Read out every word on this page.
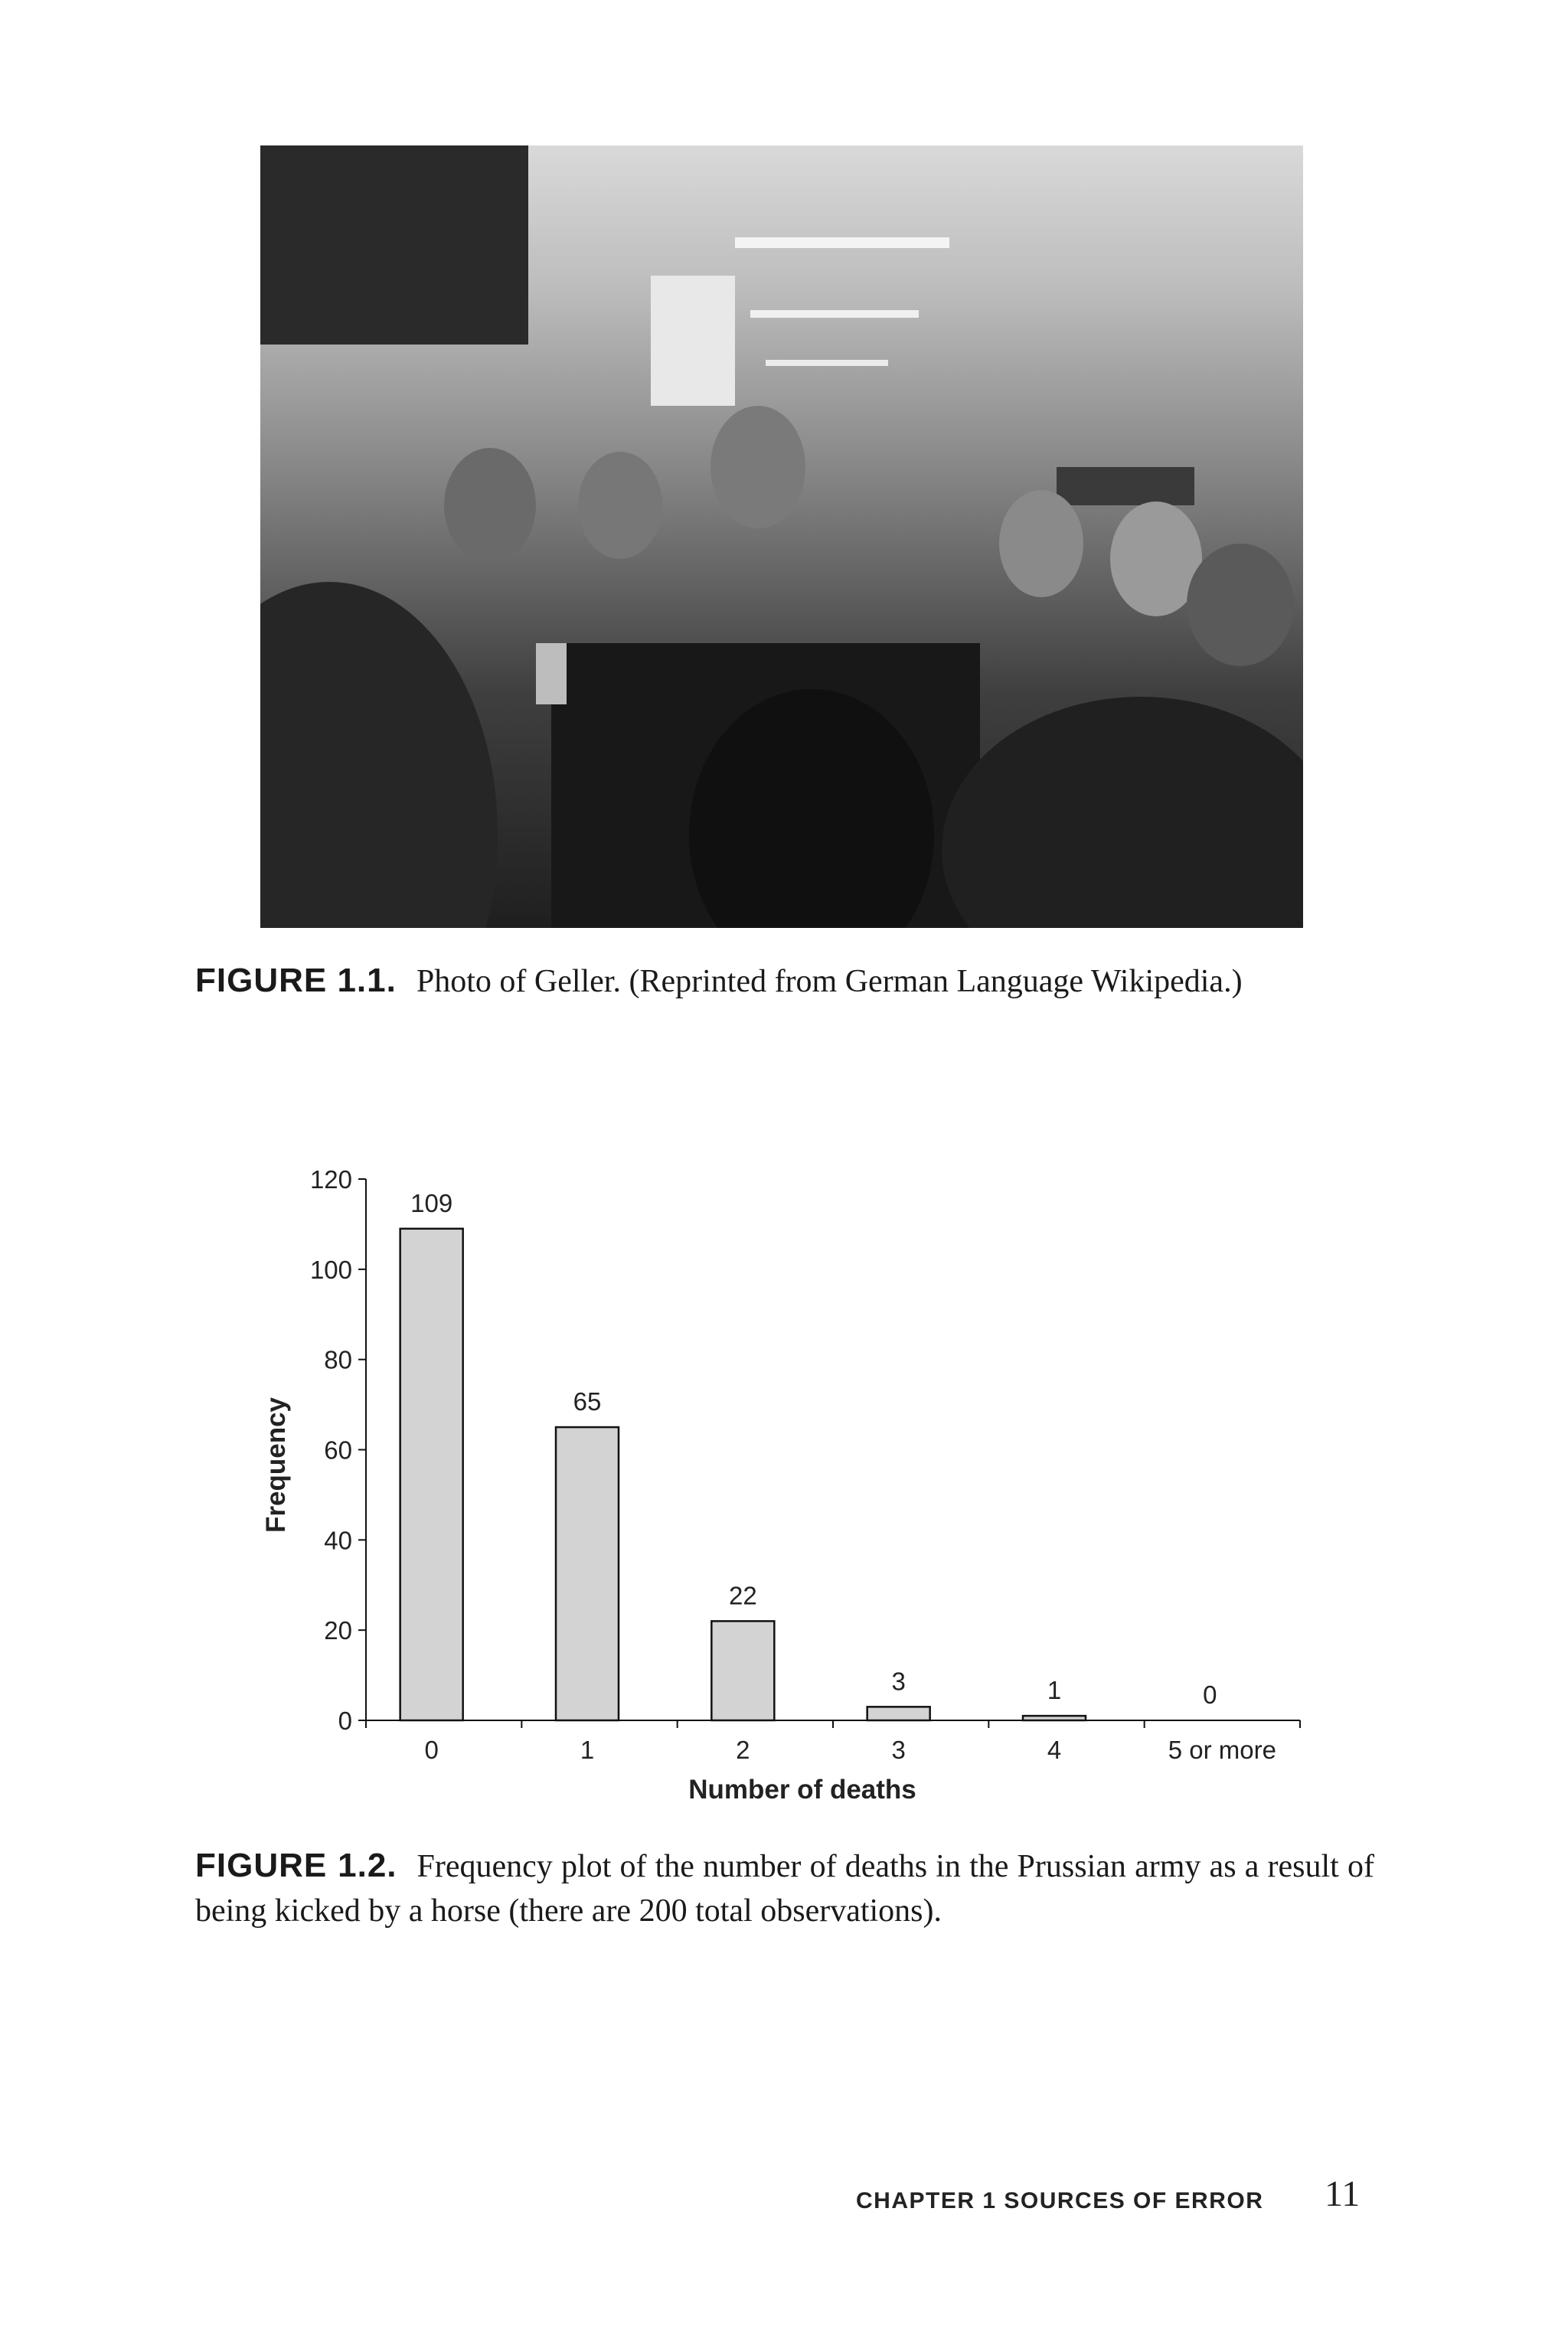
FIGURE 1.1. Photo of Geller. (Reprinted from German Language Wikipedia.)
0
20
40
60
80
100
120
109
0
65
1
22
2
3
3
1
4
0
5 or more
Number of deaths
Frequency
FIGURE 1.2. Frequency plot of the number of deaths in the Prussian army as a result of being kicked by a horse (there are 200 total observations).
CHAPTER 1 SOURCES OF ERROR 11
